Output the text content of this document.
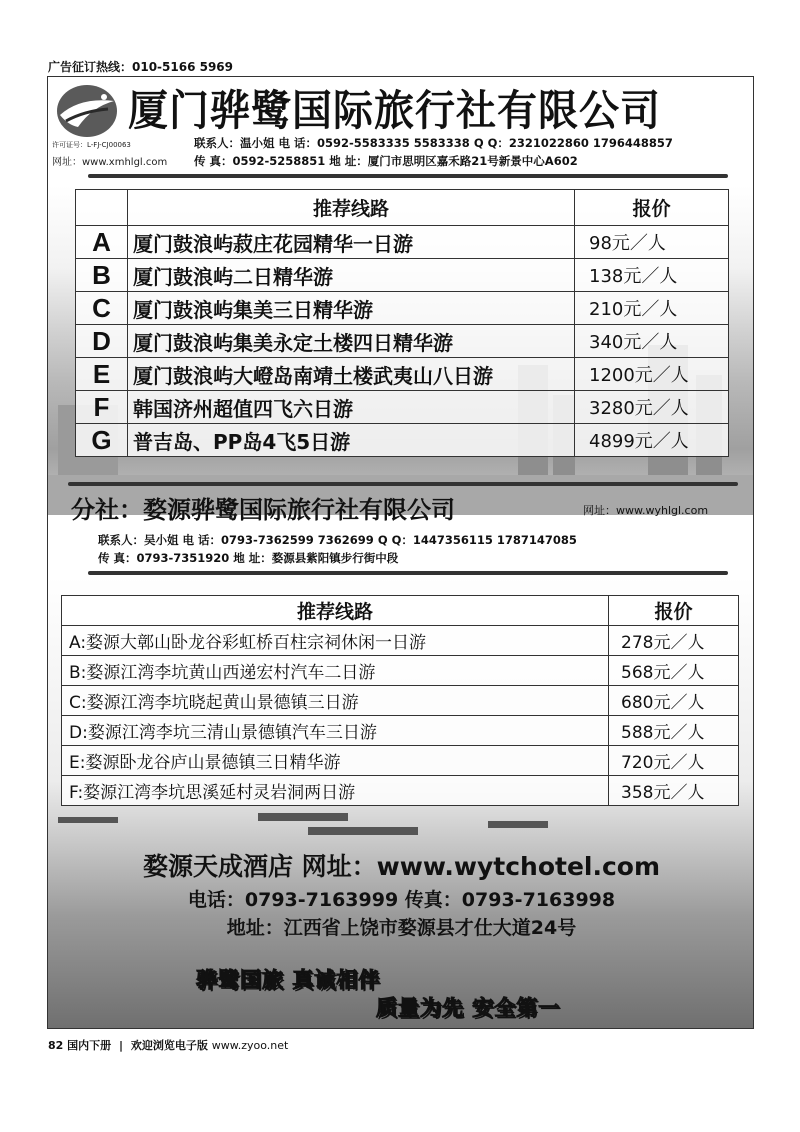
广告征订热线：010-5166 5969
厦门骅鹭国际旅行社有限公司
许可证号：L-FJ-CJ00063
网址：www.xmhlgl.com
联系人：温小姐 电 话：0592-5583335 5583338 Q Q：2321022860 1796448857
传 真：0592-5258851 地 址：厦门市思明区嘉禾路21号新景中心A602
	推荐线路	报价
A	厦门鼓浪屿菽庄花园精华一日游	98元／人
B	厦门鼓浪屿二日精华游	138元／人
C	厦门鼓浪屿集美三日精华游	210元／人
D	厦门鼓浪屿集美永定土楼四日精华游	340元／人
E	厦门鼓浪屿大嶝岛南靖土楼武夷山八日游	1200元／人
F	韩国济州超值四飞六日游	3280元／人
G	普吉岛、PP岛4飞5日游	4899元／人
分社：婺源骅鹭国际旅行社有限公司	网址：www.wyhlgl.com
联系人：吴小姐 电 话：0793-7362599 7362699 Q Q：1447356115 1787147085
传 真：0793-7351920 地 址：婺源县紫阳镇步行街中段
推荐线路	报价
A:婺源大鄣山卧龙谷彩虹桥百柱宗祠休闲一日游	278元／人
B:婺源江湾李坑黄山西递宏村汽车二日游	568元／人
C:婺源江湾李坑晓起黄山景德镇三日游	680元／人
D:婺源江湾李坑三清山景德镇汽车三日游	588元／人
E:婺源卧龙谷庐山景德镇三日精华游	720元／人
F:婺源江湾李坑思溪延村灵岩洞两日游	358元／人
婺源天成酒店 网址：www.wytchotel.com
电话：0793-7163999 传真：0793-7163998
地址：江西省上饶市婺源县才仕大道24号
骅鹭国旅 真诚相伴
质量为先 安全第一
82 国内下册 | 欢迎浏览电子版 www.zyoo.net
